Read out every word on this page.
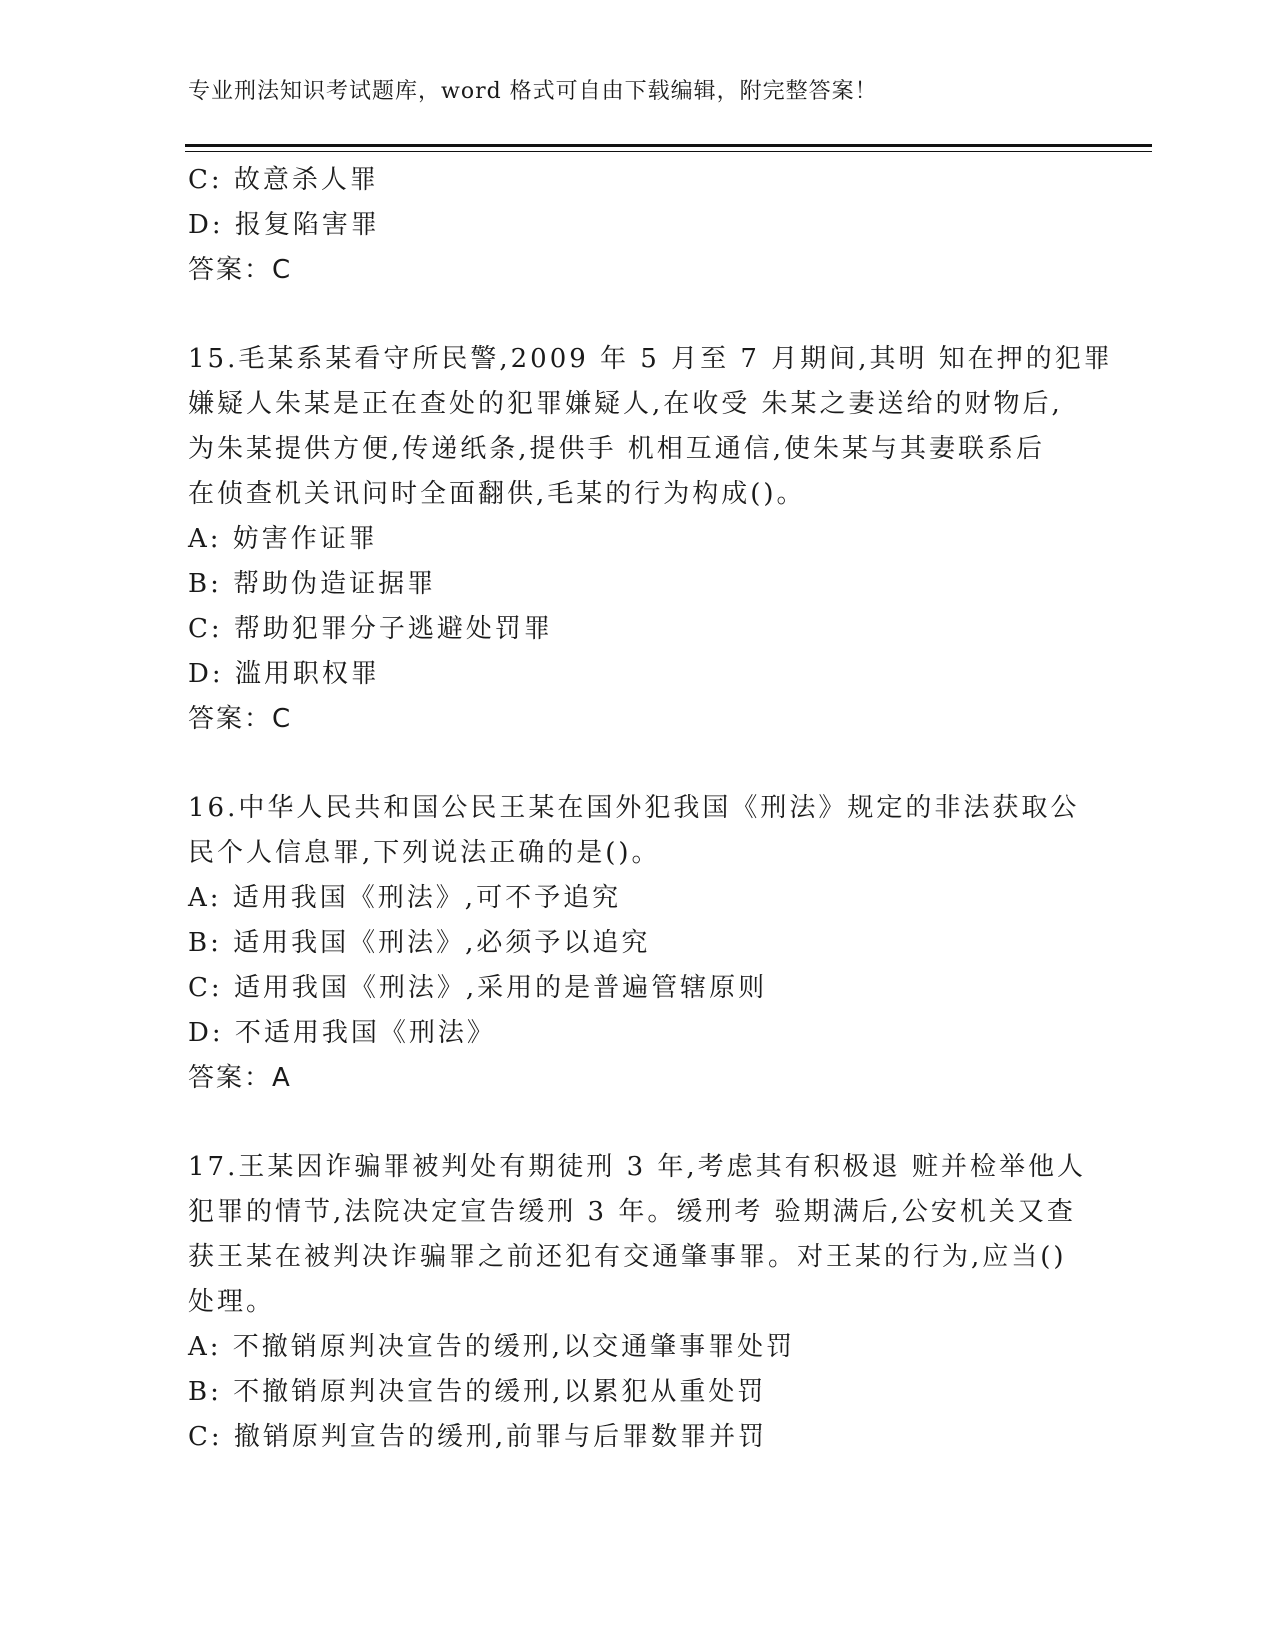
专业刑法知识考试题库，word 格式可自由下载编辑，附完整答案！
C: 故意杀人罪
D: 报复陷害罪
答案：C
15.毛某系某看守所民警,2009 年 5 月至 7 月期间,其明 知在押的犯罪
嫌疑人朱某是正在查处的犯罪嫌疑人,在收受 朱某之妻送给的财物后,
为朱某提供方便,传递纸条,提供手 机相互通信,使朱某与其妻联系后
在侦查机关讯问时全面翻供,毛某的行为构成()。
A: 妨害作证罪
B: 帮助伪造证据罪
C: 帮助犯罪分子逃避处罚罪
D: 滥用职权罪
答案：C
16.中华人民共和国公民王某在国外犯我国《刑法》规定的非法获取公
民个人信息罪,下列说法正确的是()。
A: 适用我国《刑法》,可不予追究
B: 适用我国《刑法》,必须予以追究
C: 适用我国《刑法》,采用的是普遍管辖原则
D: 不适用我国《刑法》
答案：A
17.王某因诈骗罪被判处有期徒刑 3 年,考虑其有积极退 赃并检举他人
犯罪的情节,法院决定宣告缓刑 3 年。缓刑考 验期满后,公安机关又查
获王某在被判决诈骗罪之前还犯有交通肇事罪。对王某的行为,应当()
处理。
A: 不撤销原判决宣告的缓刑,以交通肇事罪处罚
B: 不撤销原判决宣告的缓刑,以累犯从重处罚
C: 撤销原判宣告的缓刑,前罪与后罪数罪并罚
